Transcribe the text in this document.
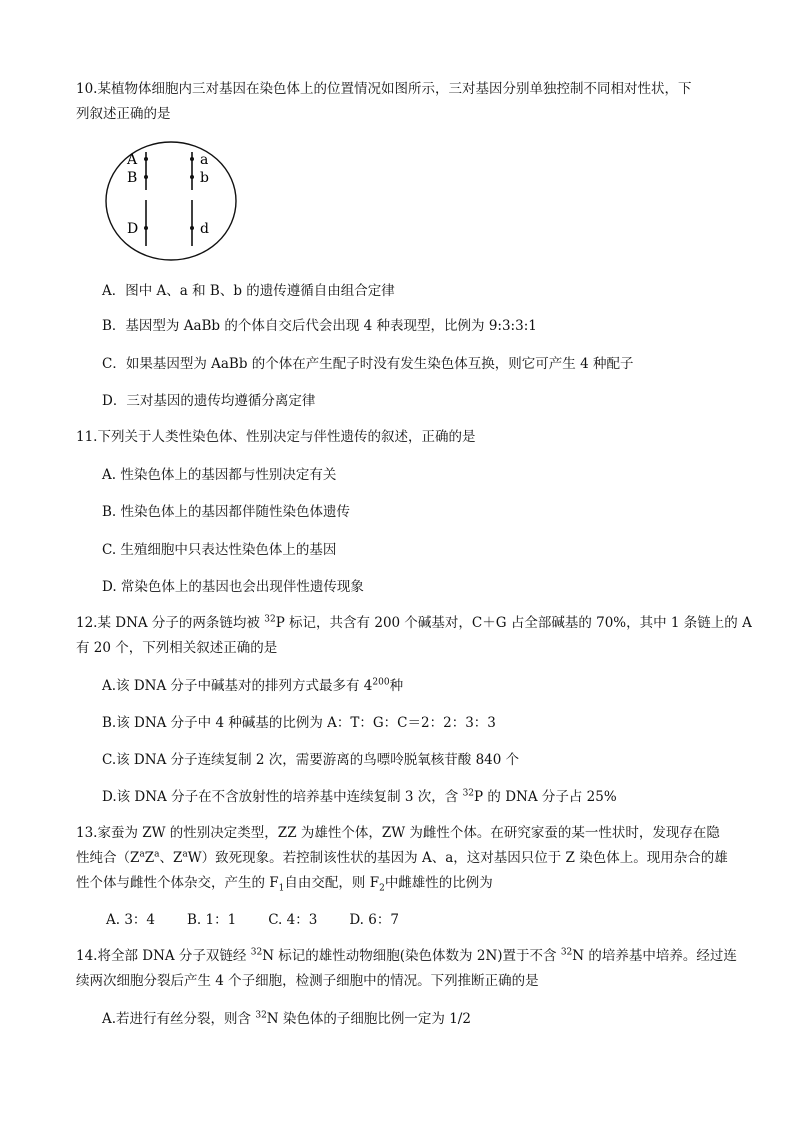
10.某植物体细胞内三对基因在染色体上的位置情况如图所示，三对基因分别单独控制不同相对性状，下
列叙述正确的是
A
B
D
a
b
d
A．图中 A、a 和 B、b 的遗传遵循自由组合定律
B．基因型为 AaBb 的个体自交后代会出现 4 种表现型，比例为 9:3:3:1
C．如果基因型为 AaBb 的个体在产生配子时没有发生染色体互换，则它可产生 4 种配子
D．三对基因的遗传均遵循分离定律
11.下列关于人类性染色体、性别决定与伴性遗传的叙述，正确的是
A. 性染色体上的基因都与性别决定有关
B. 性染色体上的基因都伴随性染色体遗传
C. 生殖细胞中只表达性染色体上的基因
D. 常染色体上的基因也会出现伴性遗传现象
12.某 DNA 分子的两条链均被 $^{32}$P 标记，共含有 200 个碱基对，C＋G 占全部碱基的 70%，其中 1 条链上的 A
有 20 个，下列相关叙述正确的是
A.该 DNA 分子中碱基对的排列方式最多有 $4^{200}$种
B.该 DNA 分子中 4 种碱基的比例为 A：T：G：C＝2：2：3：3
C.该 DNA 分子连续复制 2 次，需要游离的鸟嘌呤脱氧核苷酸 840 个
D.该 DNA 分子在不含放射性的培养基中连续复制 3 次，含 $^{32}$P 的 DNA 分子占 25%
13.家蚕为 ZW 的性别决定类型，ZZ 为雄性个体，ZW 为雌性个体。在研究家蚕的某一性状时，发现存在隐
性纯合（$Z^aZ^a$、$Z^aW$）致死现象。若控制该性状的基因为 A、a，这对基因只位于 Z 染色体上。现用杂合的雄
性个体与雌性个体杂交，产生的 $F_1$自由交配，则 $F_2$中雌雄性的比例为
A. 3：4 B. 1：1 C. 4：3 D. 6：7
14.将全部 DNA 分子双链经 $^{32}$N 标记的雄性动物细胞(染色体数为 2N)置于不含 $^{32}$N 的培养基中培养。经过连
续两次细胞分裂后产生 4 个子细胞，检测子细胞中的情况。下列推断正确的是
A.若进行有丝分裂，则含 $^{32}$N 染色体的子细胞比例一定为 1/2
